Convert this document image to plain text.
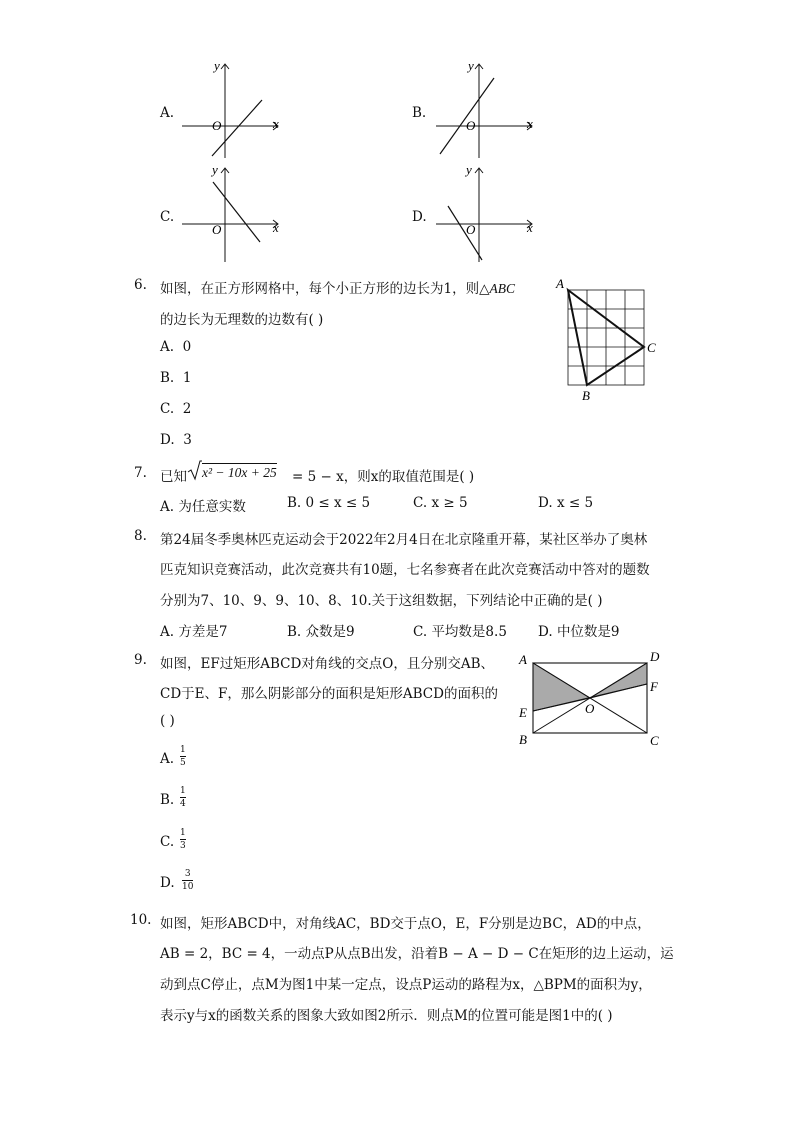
A.
x
y
O
B.
x
y
O
C.
x
y
O
D.
x
y
O
6. 如图，在正方形网格中，每个小正方形的边长为1，则△ABC
的边长为无理数的边数有( )
A. 0
B. 1
C. 2
D. 3
A
C
B
7. 已知 x² − 10x + 25 = 5 − x，则x的取值范围是( )
A. 为任意实数	B. 0 ≤ x ≤ 5	C. x ≥ 5	D. x ≤ 5
8. 第24届冬季奥林匹克运动会于2022年2月4日在北京隆重开幕，某社区举办了奥林
匹克知识竞赛活动，此次竞赛共有10题，七名参赛者在此次竞赛活动中答对的题数
分别为7、10、9、9、10、8、10.关于这组数据，下列结论中正确的是( )
A. 方差是7	B. 众数是9	C. 平均数是8.5 D. 中位数是9
9. 如图，EF过矩形ABCD对角线的交点O，且分别交AB、
CD于E、F，那么阴影部分的面积是矩形ABCD的面积的
( )
A.
1
5
B.
1
4
C.
1
3
D.
3
10
A	D
F
E	O
B	C
10. 如图，矩形ABCD中，对角线AC，BD交于点O，E，F分别是边BC，AD的中点，
AB = 2，BC = 4，一动点P从点B出发，沿着B − A − D − C在矩形的边上运动，运
动到点C停止，点M为图1中某一定点，设点P运动的路程为x，△BPM的面积为y，
表示y与x的函数关系的图象大致如图2所示．则点M的位置可能是图1中的( )
